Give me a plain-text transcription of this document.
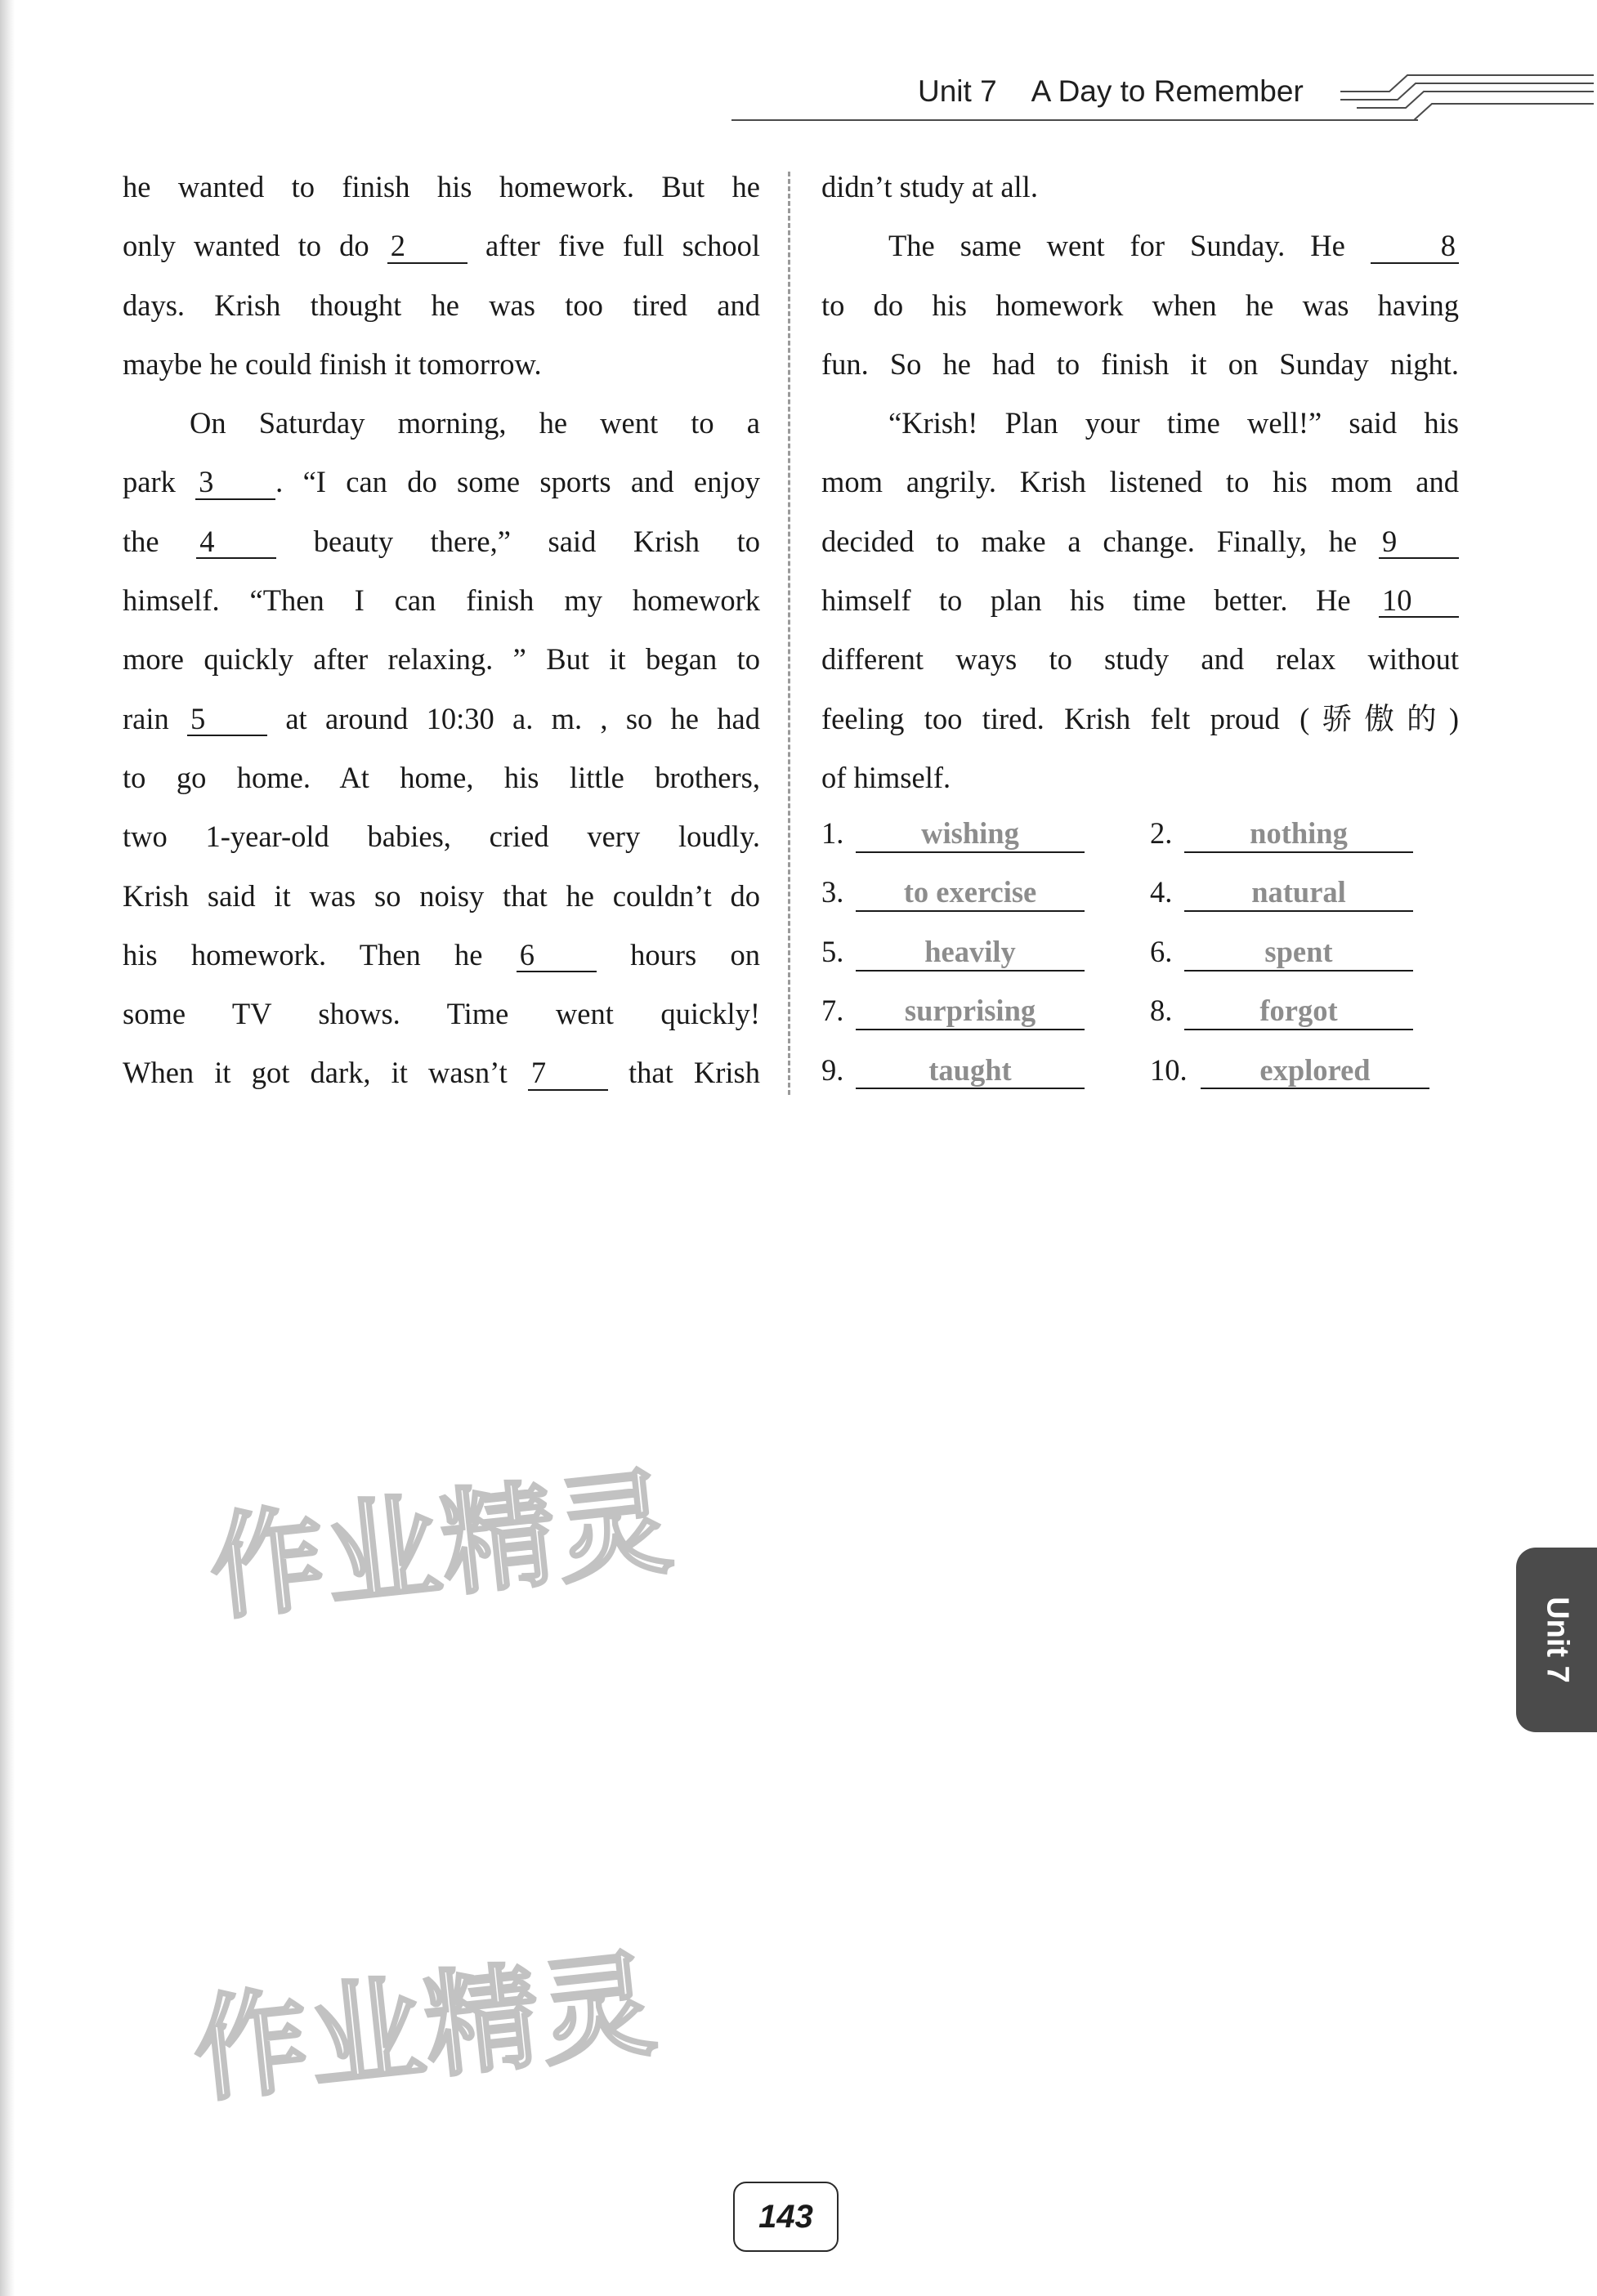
Unit 7 A Day to Remember

he wanted to finish his homework. But he

only wanted to do 2 after five full school

days. Krish thought he was too tired and

maybe he could finish it tomorrow.

On Saturday morning, he went to a

park 3 . “I can do some sports and enjoy

the 4 beauty there,” said Krish to

himself. “Then I can finish my homework

more quickly after relaxing. ” But it began to

rain 5 at around 10:30 a. m. , so he had

to go home. At home, his little brothers,

two 1-year-old babies, cried very loudly.

Krish said it was so noisy that he couldn’t do

his homework. Then he 6 hours on

some TV shows. Time went quickly!

When it got dark, it wasn’t 7 that Krish

didn’t study at all.

The same went for Sunday. He 8

to do his homework when he was having

fun. So he had to finish it on Sunday night.

“Krish! Plan your time well!” said his

mom angrily. Krish listened to his mom and

decided to make a change. Finally, he 9

himself to plan his time better. He 10

different ways to study and relax without

feeling too tired. Krish felt proud (骄傲的)

of himself.

1.	wishing	2.	nothing
3. to exercise	4.	natural
5.	heavily	6.	spent
7. surprising	8.	forgot
9.	taught	10. explored
作业精灵
作业精灵
Unit 7
143
